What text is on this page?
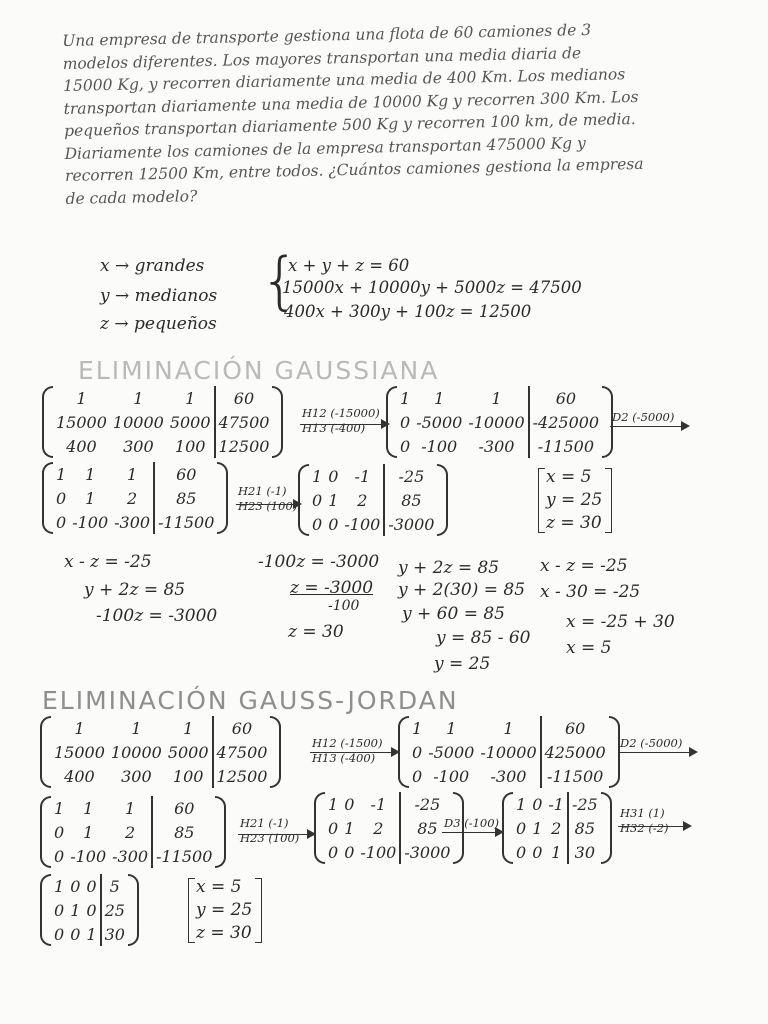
Una empresa de transporte gestiona una flota de 60 camiones de 3
modelos diferentes. Los mayores transportan una media diaria de
15000 Kg, y recorren diariamente una media de 400 Km. Los medianos
transportan diariamente una media de 10000 Kg y recorren 300 Km. Los
pequeños transportan diariamente 500 Kg y recorren 100 km, de media.
Diariamente los camiones de la empresa transportan 475000 Kg y
recorren 12500 Km, entre todos. ¿Cuántos camiones gestiona la empresa
de cada modelo?
x → grandes
y → medianos
z → pequeños
{
x + y + z = 60
15000x + 10000y + 5000z = 47500
400x + 300y + 100z = 12500
ELIMINACIÓN GAUSSIANA
1	1	1	60
15000	10000	5000	47500
400	300	100	12500
H12 (-15000)
H13 (-400)
1	1	1	60
0	-5000	-10000	-425000
0	-100	-300	-11500
D2 (-5000)
1	1	1	60
0	1	2	85
0	-100	-300	-11500
H21 (-1)
H23 (100)
1	0	-1	-25
0	1	2	85
0	0	-100	-3000
x = 5
y = 25
z = 30
x - z = -25
y + 2z = 85
-100z = -3000
-100z = -3000
z = -3000
-100
z = 30
y + 2z = 85
y + 2(30) = 85
y + 60 = 85
y = 85 - 60
y = 25
x - z = -25
x - 30 = -25
x = -25 + 30
x = 5
ELIMINACIÓN GAUSS-JORDAN
1	1	1	60
15000	10000	5000	47500
400	300	100	12500
H12 (-1500)
H13 (-400)
1	1	1	60
0	-5000	-10000	425000
0	-100	-300	-11500
D2 (-5000)
1	1	1	60
0	1	2	85
0	-100	-300	-11500
H21 (-1)
H23 (100)
1	0	-1	-25
0	1	2	85
0	0	-100	-3000
D3 (-100)
1	0	-1	-25
0	1	2	85
0	0	1	30
H31 (1)
H32 (-2)
1	0	0	5
0	1	0	25
0	0	1	30
x = 5
y = 25
z = 30
